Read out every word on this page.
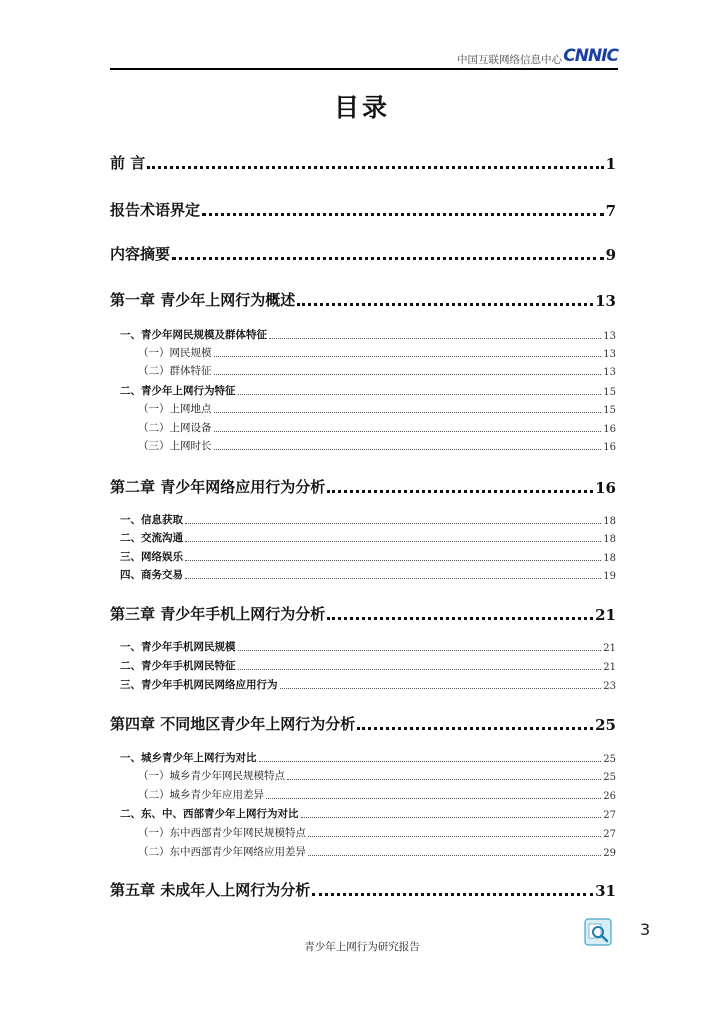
中国互联网络信息中心 CNNIC
目录
前 言	1
报告术语界定	7
内容摘要	9
第一章 青少年上网行为概述	13
一、青少年网民规模及群体特征	13
（一）网民规模	13
（二）群体特征	13
二、青少年上网行为特征	15
（一）上网地点	15
（二）上网设备	16
（三）上网时长	16
第二章 青少年网络应用行为分析	16
一、信息获取	18
二、交流沟通	18
三、网络娱乐	18
四、商务交易	19
第三章 青少年手机上网行为分析	21
一、青少年手机网民规模	21
二、青少年手机网民特征	21
三、青少年手机网民网络应用行为	23
第四章 不同地区青少年上网行为分析	25
一、城乡青少年上网行为对比	25
（一）城乡青少年网民规模特点	25
（二）城乡青少年应用差异	26
二、东、中、西部青少年上网行为对比	27
（一）东中西部青少年网民规模特点	27
（二）东中西部青少年网络应用差异	29
第五章 未成年人上网行为分析	31
3
青少年上网行为研究报告
